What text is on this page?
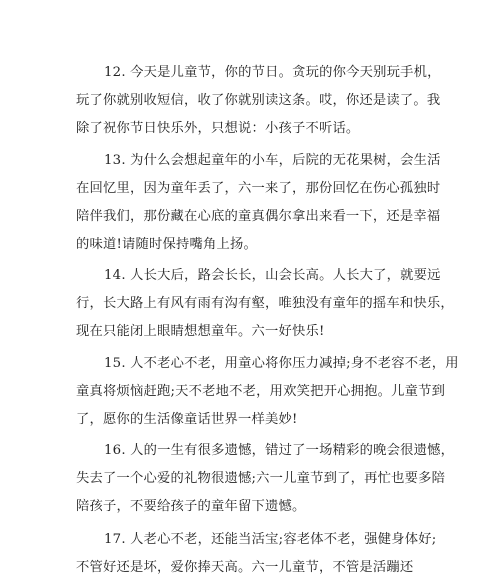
12. 今天是儿童节，你的节日。贪玩的你今天别玩手机，
玩了你就别收短信，收了你就别读这条。哎，你还是读了。我
除了祝你节日快乐外，只想说：小孩子不听话。

13. 为什么会想起童年的小车，后院的无花果树，会生活
在回忆里，因为童年丢了，六一来了，那份回忆在伤心孤独时
陪伴我们，那份藏在心底的童真偶尔拿出来看一下，还是幸福
的味道!请随时保持嘴角上扬。

14. 人长大后，路会长长，山会长高。人长大了，就要远
行，长大路上有风有雨有沟有壑，唯独没有童年的摇车和快乐，
现在只能闭上眼睛想想童年。六一好快乐!

15. 人不老心不老，用童心将你压力减掉;身不老容不老，用
童真将烦恼赶跑;天不老地不老，用欢笑把开心拥抱。儿童节到
了，愿你的生活像童话世界一样美妙!

16. 人的一生有很多遗憾，错过了一场精彩的晚会很遗憾，
失去了一个心爱的礼物很遗憾;六一儿童节到了，再忙也要多陪
陪孩子，不要给孩子的童年留下遗憾。

17. 人老心不老，还能当活宝;容老体不老，强健身体好;
不管好还是坏，爱你捧天高。六一儿童节，不管是活蹦还
